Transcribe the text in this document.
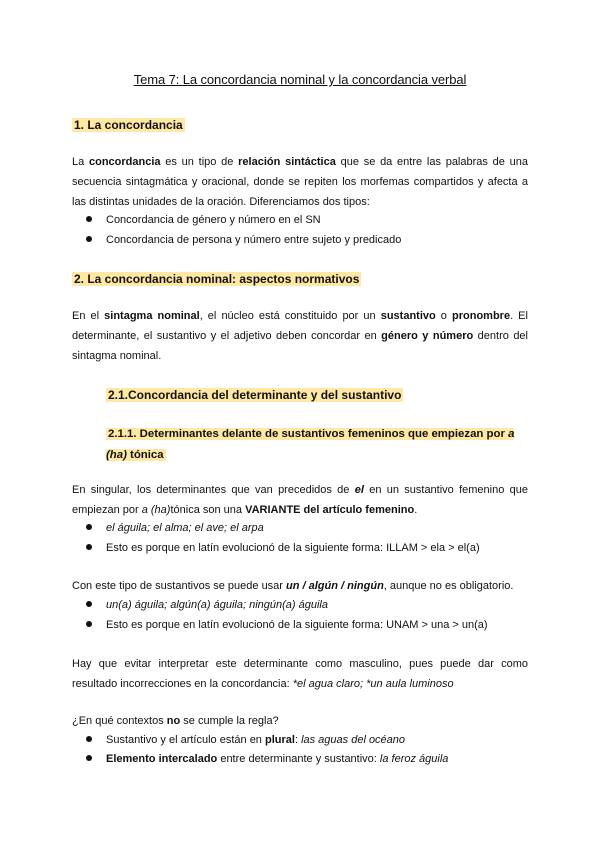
Tema 7: La concordancia nominal y la concordancia verbal
1. La concordancia

La concordancia es un tipo de relación sintáctica que se da entre las palabras de una secuencia sintagmática y oracional, donde se repiten los morfemas compartidos y afecta a las distintas unidades de la oración. Diferenciamos dos tipos:

Concordancia de género y número en el SN
Concordancia de persona y número entre sujeto y predicado
2. La concordancia nominal: aspectos normativos

En el sintagma nominal, el núcleo está constituido por un sustantivo o pronombre. El determinante, el sustantivo y el adjetivo deben concordar en género y número dentro del sintagma nominal.

2.1.Concordancia del determinante y del sustantivo
2.1.1. Determinantes delante de sustantivos femeninos que empiezan por a (ha) tónica

En singular, los determinantes que van precedidos de el en un sustantivo femenino que empiezan por a (ha)tónica son una VARIANTE del artículo femenino.

el águila; el alma; el ave; el arpa
Esto es porque en latín evolucionó de la siguiente forma: ILLAM > ela > el(a)

Con este tipo de sustantivos se puede usar un / algún / ningún, aunque no es obligatorio.

un(a) águila; algún(a) águila; ningún(a) águila
Esto es porque en latín evolucionó de la siguiente forma: UNAM > una > un(a)

Hay que evitar interpretar este determinante como masculino, pues puede dar como resultado incorrecciones en la concordancia: *el agua claro; *un aula luminoso

¿En qué contextos no se cumple la regla?

Sustantivo y el artículo están en plural: las aguas del océano
Elemento intercalado entre determinante y sustantivo: la feroz águila
